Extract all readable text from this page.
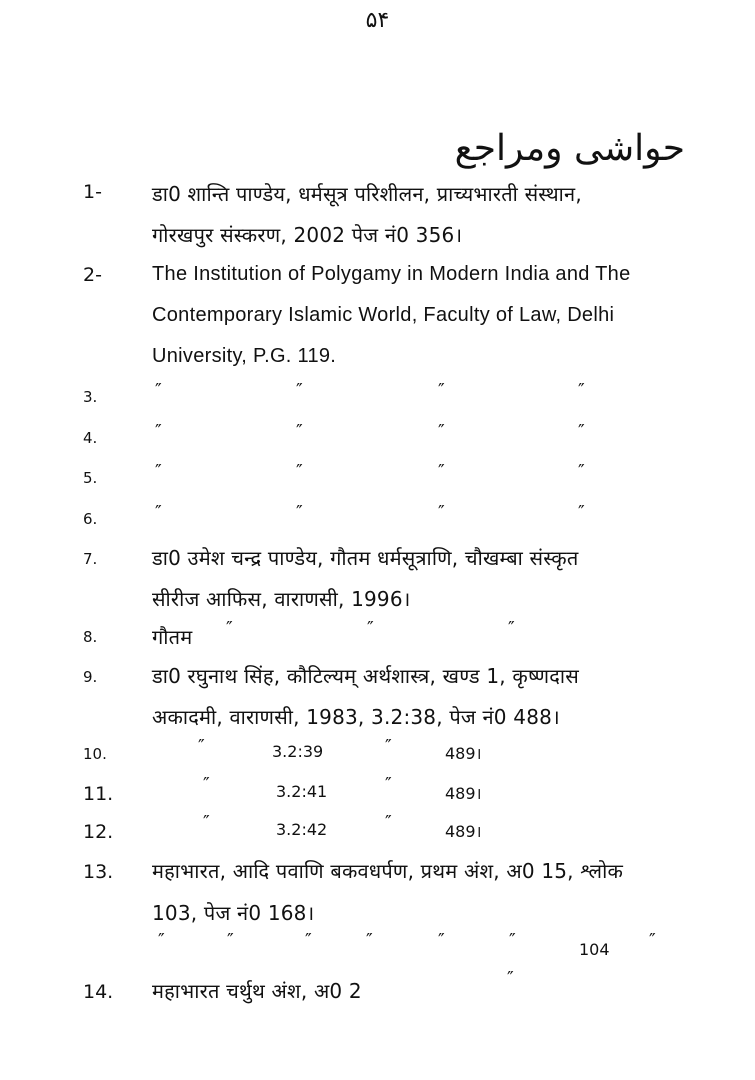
۵۴
حواشی ومراجع
1-	डा0 शान्ति पाण्डेय, धर्मसूत्र परिशीलन, प्राच्यभारती संस्थान,
गोरखपुर संस्करण, 2002 पेज नं0 356।
2-	The Institution of Polygamy in Modern India and The
Contemporary Islamic World, Faculty of Law, Delhi
University, P.G. 119.
3.	″	″	″	″
4.	″	″	″	″
5.	″	″	″	″
6.	″	″	″	″
7.	डा0 उमेश चन्द्र पाण्डेय, गौतम धर्मसूत्राणि, चौखम्बा संस्कृत
सीरीज आफिस, वाराणसी, 1996।
8.	गौतम ″	″	″
9.	डा0 रघुनाथ सिंह, कौटिल्यम् अर्थशास्त्र, खण्ड 1, कृष्णदास
अकादमी, वाराणसी, 1983, 3.2:38, पेज नं0 488।
10.	″	3.2:39	″	489।
11.	″	3.2:41	″	489।
12.	″	3.2:42	″	489।
13. महाभारत, आदि पवाणि बकवधर्पण, प्रथम अंश, अ0 15, श्लोक
103, पेज नं0 168।
″	″	″	″	″	″	104 ″
14. महाभारत चर्थुथ अंश, अ0 2
″
